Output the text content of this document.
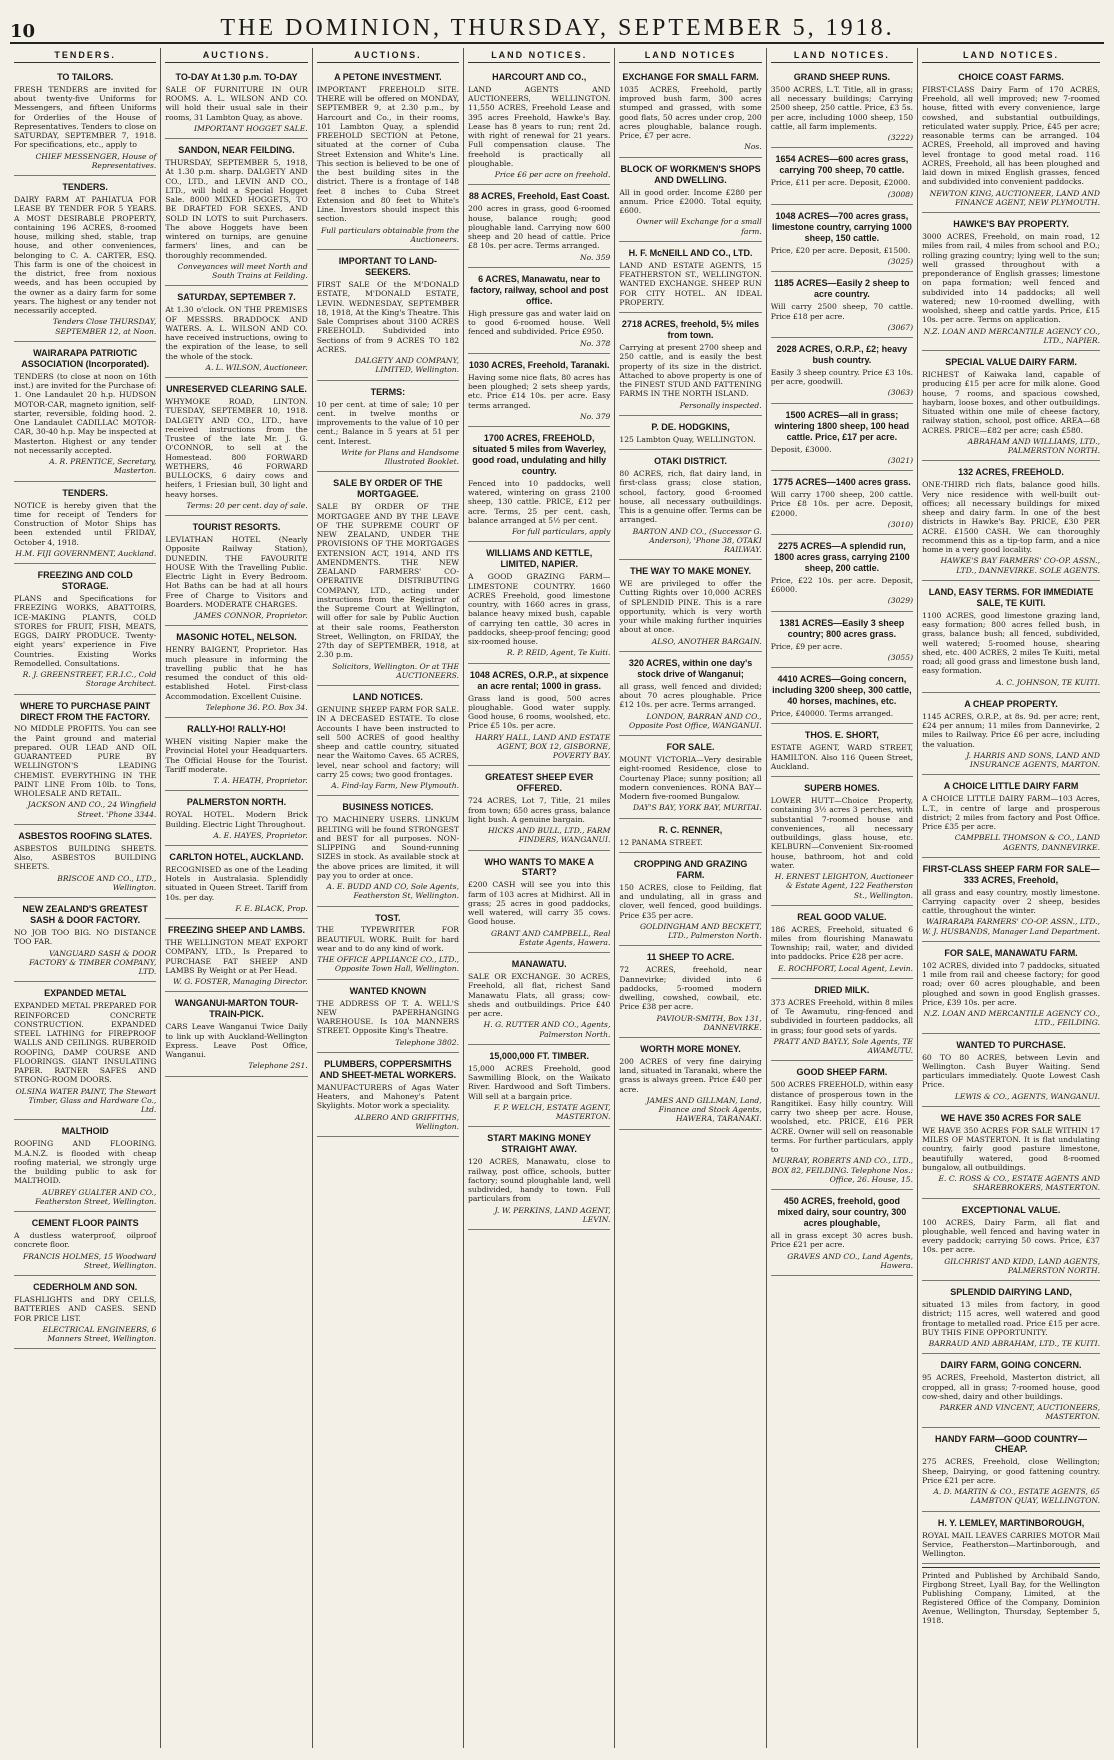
10	THE DOMINION, THURSDAY, SEPTEMBER 5, 1918.
TENDERS.
TO TAILORS.
FRESH TENDERS are invited for about twenty-five Uniforms for Messengers, and fifteen Uniforms for Orderlies of the House of Representatives. Tenders to close on SATURDAY, SEPTEMBER 7, 1918. For specifications, etc., apply to
CHIEF MESSENGER, House of Representatives.
TENDERS.
DAIRY FARM AT PAHIATUA FOR LEASE BY TENDER FOR 5 YEARS. A MOST DESIRABLE PROPERTY, containing 196 ACRES, 8-roomed house, milking shed, stable, trap house, and other conveniences, belonging to C. A. CARTER, ESQ. This farm is one of the choicest in the district, free from noxious weeds, and has been occupied by the owner as a dairy farm for some years. The highest or any tender not necessarily accepted.
Tenders Close THURSDAY, SEPTEMBER 12, at Noon.
WAIRARAPA PATRIOTIC ASSOCIATION (Incorporated).
TENDERS (to close at noon on 16th inst.) are invited for the Purchase of: 1. One Landaulet 20 h.p. HUDSON MOTOR-CAR, magneto ignition, self-starter, reversible, folding hood. 2. One Landaulet CADILLAC MOTOR-CAR, 30-40 h.p. May be inspected at Masterton. Highest or any tender not necessarily accepted.
A. R. PRENTICE, Secretary, Masterton.
TENDERS.
NOTICE is hereby given that the time for receipt of Tenders for Construction of Motor Ships has been extended until FRIDAY, October 4, 1918.
H.M. FIJI GOVERNMENT, Auckland.
FREEZING AND COLD STORAGE.
PLANS and Specifications for FREEZING WORKS, ABATTOIRS, ICE-MAKING PLANTS, COLD STORES for FRUIT, FISH, MEATS, EGGS, DAIRY PRODUCE. Twenty-eight years' experience in Five Countries. Existing Works Remodelled. Consultations.
R. J. GREENSTREET, F.R.I.C., Cold Storage Architect.
WHERE TO PURCHASE PAINT DIRECT FROM THE FACTORY.
NO MIDDLE PROFITS. You can see the Paint ground and material prepared. OUR LEAD AND OIL GUARANTEED PURE BY WELLINGTON'S LEADING CHEMIST. EVERYTHING IN THE PAINT LINE From 10lb. to Tons, WHOLESALE AND RETAIL.
JACKSON AND CO., 24 Wingfield Street. 'Phone 3344.
ASBESTOS ROOFING SLATES.
ASBESTOS BUILDING SHEETS. Also, ASBESTOS BUILDING SHEETS.
BRISCOE AND CO., LTD., Wellington.
NEW ZEALAND'S GREATEST SASH & DOOR FACTORY.
NO JOB TOO BIG. NO DISTANCE TOO FAR.
VANGUARD SASH & DOOR FACTORY & TIMBER COMPANY, LTD.
EXPANDED METAL
EXPANDED METAL PREPARED FOR REINFORCED CONCRETE CONSTRUCTION. EXPANDED STEEL LATHING for FIREPROOF WALLS AND CEILINGS. RUBEROID ROOFING, DAMP COURSE AND FLOORINGS. GIANT INSULATING PAPER. RATNER SAFES AND STRONG-ROOM DOORS.
OLSINA WATER PAINT, The Stewart Timber, Glass and Hardware Co., Ltd.
MALTHOID
ROOFING AND FLOORING. M.A.N.Z. is flooded with cheap roofing material, we strongly urge the building public to ask for MALTHOID.
AUBREY GUALTER AND CO., Featherston Street, Wellington.
CEMENT FLOOR PAINTS
A dustless waterproof, oilproof concrete floor.
FRANCIS HOLMES, 15 Woodward Street, Wellington.
CEDERHOLM AND SON.
FLASHLIGHTS and DRY CELLS, BATTERIES AND CASES. SEND FOR PRICE LIST.
ELECTRICAL ENGINEERS, 6 Manners Street, Wellington.
AUCTIONS.
TO-DAY At 1.30 p.m. TO-DAY
SALE OF FURNITURE IN OUR ROOMS. A. L. WILSON AND CO. will hold their usual sale in their rooms, 31 Lambton Quay, as above.
IMPORTANT HOGGET SALE.
SANDON, NEAR FEILDING.
THURSDAY, SEPTEMBER 5, 1918, At 1.30 p.m. sharp. DALGETY AND CO., LTD., and LEVIN AND CO., LTD., will hold a Special Hogget Sale. 8000 MIXED HOGGETS, TO BE DRAFTED FOR SEXES, AND SOLD IN LOTS to suit Purchasers. The above Hoggets have been wintered on turnips, are genuine farmers' lines, and can be thoroughly recommended.
Conveyances will meet North and South Trains at Feilding.
SATURDAY, SEPTEMBER 7.
At 1.30 o'clock. ON THE PREMISES OF MESSRS. BRADDOCK AND WATERS. A. L. WILSON AND CO. have received instructions, owing to the expiration of the lease, to sell the whole of the stock.
A. L. WILSON, Auctioneer.
UNRESERVED CLEARING SALE.
WHYMOKE ROAD, LINTON. TUESDAY, SEPTEMBER 10, 1918. DALGETY AND CO., LTD., have received instructions from the Trustee of the late Mr. J. G. O'CONNOR, to sell at the Homestead. 800 FORWARD WETHERS, 46 FORWARD BULLOCKS, 6 dairy cows and heifers, 1 Friesian bull, 30 light and heavy horses.
Terms: 20 per cent. day of sale.
TOURIST RESORTS.
LEVIATHAN HOTEL (Nearly Opposite Railway Station), DUNEDIN. THE FAVOURITE HOUSE With the Travelling Public. Electric Light in Every Bedroom. Hot Baths can be had at all hours Free of Charge to Visitors and Boarders. MODERATE CHARGES.
JAMES CONNOR, Proprietor.
MASONIC HOTEL, NELSON.
HENRY BAIGENT, Proprietor. Has much pleasure in informing the travelling public that he has resumed the conduct of this old-established Hotel. First-class Accommodation. Excellent Cuisine.
Telephone 36. P.O. Box 34.
RALLY-HO! RALLY-HO!
WHEN visiting Napier make the Provincial Hotel your Headquarters. The Official House for the Tourist. Tariff moderate.
T. A. HEATH, Proprietor.
PALMERSTON NORTH.
ROYAL HOTEL. Modern Brick Building. Electric Light Throughout.
A. E. HAYES, Proprietor.
CARLTON HOTEL, AUCKLAND.
RECOGNISED as one of the Leading Hotels in Australasia. Splendidly situated in Queen Street. Tariff from 10s. per day.
F. E. BLACK, Prop.
FREEZING SHEEP AND LAMBS.
THE WELLINGTON MEAT EXPORT COMPANY, LTD., Is Prepared to PURCHASE FAT SHEEP AND LAMBS By Weight or at Per Head.
W. G. FOSTER, Managing Director.
WANGANUI-MARTON TOUR-TRAIN-PICK.
CARS Leave Wanganui Twice Daily to link up with Auckland-Wellington Express. Leave Post Office, Wanganui.
Telephone 2S1.
AUCTIONS.
A PETONE INVESTMENT.
IMPORTANT FREEHOLD SITE. THERE will be offered on MONDAY, SEPTEMBER 9, at 2.30 p.m., by Harcourt and Co., in their rooms, 101 Lambton Quay, a splendid FREEHOLD SECTION at Petone, situated at the corner of Cuba Street Extension and White's Line. This section is believed to be one of the best building sites in the district. There is a frontage of 148 feet 8 inches to Cuba Street Extension and 80 feet to White's Line. Investors should inspect this section.
Full particulars obtainable from the Auctioneers.
IMPORTANT TO LAND-SEEKERS.
FIRST SALE Of the M'DONALD ESTATE, M'DONALD ESTATE, LEVIN. WEDNESDAY, SEPTEMBER 18, 1918, At the King's Theatre. This Sale Comprises about 3100 ACRES FREEHOLD. Subdivided into Sections of from 9 ACRES TO 182 ACRES.
DALGETY AND COMPANY, LIMITED, Wellington.
TERMS:
10 per cent. at time of sale; 10 per cent. in twelve months or improvements to the value of 10 per cent.; Balance in 5 years at 51 per cent. Interest.
Write for Plans and Handsome Illustrated Booklet.
SALE BY ORDER OF THE MORTGAGEE.
SALE BY ORDER OF THE MORTGAGEE AND BY THE LEAVE OF THE SUPREME COURT OF NEW ZEALAND, UNDER THE PROVISIONS OF THE MORTGAGES EXTENSION ACT, 1914, AND ITS AMENDMENTS. THE NEW ZEALAND FARMERS' CO-OPERATIVE DISTRIBUTING COMPANY, LTD., acting under instructions from the Registrar of the Supreme Court at Wellington, will offer for sale by Public Auction at their sale rooms, Featherston Street, Wellington, on FRIDAY, the 27th day of SEPTEMBER, 1918, at 2.30 p.m.
Solicitors, Wellington. Or at THE AUCTIONEERS.
LAND NOTICES.
GENUINE SHEEP FARM FOR SALE. IN A DECEASED ESTATE. To close Accounts I have been instructed to sell 500 ACRES of good healthy sheep and cattle country, situated near the Waitomo Caves. 65 ACRES, level, near school and factory; will carry 25 cows; two good frontages.
A. Find-lay Farm, New Plymouth.
BUSINESS NOTICES.
TO MACHINERY USERS. LINKUM BELTING will be found STRONGEST and BEST for all purposes. NON-SLIPPING and Sound-running SIZES in stock. As available stock at the above prices are limited, it will pay you to order at once.
A. E. BUDD AND CO, Sole Agents, Featherston St, Wellington.
TOST.
THE TYPEWRITER FOR BEAUTIFUL WORK. Built for hard wear and to do any kind of work.
THE OFFICE APPLIANCE CO., LTD., Opposite Town Hall, Wellington.
WANTED KNOWN
THE ADDRESS OF T. A. WELL'S NEW PAPERHANGING WAREHOUSE. Is 10A MANNERS STREET. Opposite King's Theatre.
Telephone 3802.
PLUMBERS, COPPERSMITHS AND SHEET-METAL WORKERS.
MANUFACTURERS of Agas Water Heaters, and Mahoney's Patent Skylights. Motor work a speciality.
ALBERO AND GRIFFITHS, Wellington.
LAND NOTICES.
HARCOURT AND CO.,
LAND AGENTS AND AUCTIONEERS, WELLINGTON. 11,550 ACRES, Freehold Lease and 395 acres Freehold, Hawke's Bay. Lease has 8 years to run; rent 2d. with right of renewal for 21 years. Full compensation clause. The freehold is practically all ploughable.
Price £6 per acre on freehold.
88 ACRES, Freehold, East Coast.
200 acres in grass, good 6-roomed house, balance rough; good ploughable land. Carrying now 600 sheep and 20 head of cattle. Price £8 10s. per acre. Terms arranged.
No. 359
6 ACRES, Manawatu, near to factory, railway, school and post office.
High pressure gas and water laid on to good 6-roomed house. Well fenced and subdivided. Price £950.
No. 378
1030 ACRES, Freehold, Taranaki.
Having some nice flats, 80 acres has been ploughed; 2 sets sheep yards, etc. Price £14 10s. per acre. Easy terms arranged.
No. 379
1700 ACRES, FREEHOLD, situated 5 miles from Waverley, good road, undulating and hilly country.
Fenced into 10 paddocks, well watered, wintering on grass 2100 sheep, 130 cattle. PRICE, £12 per acre. Terms, 25 per cent. cash, balance arranged at 5½ per cent.
For full particulars, apply
WILLIAMS AND KETTLE, LIMITED, NAPIER.
A GOOD GRAZING FARM—LIMESTONE COUNTRY. 1660 ACRES Freehold, good limestone country, with 1660 acres in grass, balance heavy mixed bush, capable of carrying ten cattle, 30 acres in paddocks, sheep-proof fencing; good six-roomed house.
R. P. REID, Agent, Te Kuiti.
1048 ACRES, O.R.P., at sixpence an acre rental; 1000 in grass.
Grass land is good, 500 acres ploughable. Good water supply. Good house, 6 rooms, woolshed, etc. Price £5 10s. per acre.
HARRY HALL, LAND AND ESTATE AGENT, BOX 12, GISBORNE, POVERTY BAY.
GREATEST SHEEP EVER OFFERED.
724 ACRES, Lot 7, Title, 21 miles from town; 650 acres grass, balance light bush. A genuine bargain.
HICKS AND BULL, LTD., FARM FINDERS, WANGANUI.
WHO WANTS TO MAKE A START?
£200 CASH will see you into this farm of 103 acres at Midhirst. All in grass; 25 acres in good paddocks, well watered, will carry 35 cows. Good house.
GRANT AND CAMPBELL, Real Estate Agents, Hawera.
MANAWATU.
SALE OR EXCHANGE. 30 ACRES, Freehold, all flat, richest Sand Manawatu Flats, all grass; cow-sheds and outbuildings. Price £40 per acre.
H. G. RUTTER AND CO., Agents, Palmerston North.
15,000,000 FT. TIMBER.
15,000 ACRES Freehold, good Sawmilling Block, on the Waikato River. Hardwood and Soft Timbers. Will sell at a bargain price.
F. P. WELCH, ESTATE AGENT, MASTERTON.
START MAKING MONEY STRAIGHT AWAY.
120 ACRES, Manawatu, close to railway, post office, schools, butter factory; sound ploughable land, well subdivided, handy to town. Full particulars from
J. W. PERKINS, LAND AGENT, LEVIN.
LAND NOTICES
EXCHANGE FOR SMALL FARM.
1035 ACRES, Freehold, partly improved bush farm, 300 acres stumped and grassed, with some good flats, 50 acres under crop, 200 acres ploughable, balance rough. Price, £7 per acre.
Nos.
BLOCK OF WORKMEN'S SHOPS AND DWELLING.
All in good order. Income £280 per annum. Price £2000. Total equity, £600.
Owner will Exchange for a small farm.
H. F. McNEILL AND CO., LTD.
LAND AND ESTATE AGENTS, 15 FEATHERSTON ST., WELLINGTON. WANTED EXCHANGE. SHEEP RUN FOR CITY HOTEL. AN IDEAL PROPERTY.
2718 ACRES, freehold, 5½ miles from town.
Carrying at present 2700 sheep and 250 cattle, and is easily the best property of its size in the district. Attached to above property is one of the FINEST STUD AND FATTENING FARMS IN THE NORTH ISLAND.
Personally inspected.
P. DE. HODGKINS,
125 Lambton Quay, WELLINGTON.
OTAKI DISTRICT.
80 ACRES, rich, flat dairy land, in first-class grass; close station, school, factory, good 6-roomed house, all necessary outbuildings. This is a genuine offer. Terms can be arranged.
BARTON AND CO., (Successor G. Anderson), 'Phone 38, OTAKI RAILWAY.
THE WAY TO MAKE MONEY.
WE are privileged to offer the Cutting Rights over 10,000 ACRES of SPLENDID PINE. This is a rare opportunity, which is very worth your while making further inquiries about at once.
ALSO, ANOTHER BARGAIN.
320 ACRES, within one day's stock drive of Wanganui;
all grass, well fenced and divided; about 70 acres ploughable. Price £12 10s. per acre. Terms arranged.
LONDON, BARRAN AND CO., Opposite Post Office, WANGANUI.
FOR SALE.
MOUNT VICTORIA—Very desirable eight-roomed Residence, close to Courtenay Place; sunny position; all modern conveniences. RONA BAY—Modern five-roomed Bungalow.
DAY'S BAY, YORK BAY, MURITAI.
R. C. RENNER,
12 PANAMA STREET.
CROPPING AND GRAZING FARM.
150 ACRES, close to Feilding, flat and undulating, all in grass and clover, well fenced, good buildings. Price £35 per acre.
GOLDINGHAM AND BECKETT, LTD., Palmerston North.
11 SHEEP TO ACRE.
72 ACRES, freehold, near Dannevirke; divided into 6 paddocks, 5-roomed modern dwelling, cowshed, cowbail, etc. Price £38 per acre.
PAVIOUR-SMITH, Box 131, DANNEVIRKE.
WORTH MORE MONEY.
200 ACRES of very fine dairying land, situated in Taranaki, where the grass is always green. Price £40 per acre.
JAMES AND GILLMAN, Land, Finance and Stock Agents, HAWERA, TARANAKI.
LAND NOTICES.
GRAND SHEEP RUNS.
3500 ACRES, L.T. Title, all in grass; all necessary buildings; Carrying 2500 sheep, 250 cattle. Price, £3 5s. per acre, including 1000 sheep, 150 cattle, all farm implements.
(3222)
1654 ACRES—600 acres grass, carrying 700 sheep, 70 cattle.
Price, £11 per acre. Deposit, £2000.
(3008)
1048 ACRES—700 acres grass, limestone country, carrying 1000 sheep, 150 cattle.
Price, £20 per acre. Deposit, £1500.
(3025)
1185 ACRES—Easily 2 sheep to acre country.
Will carry 2500 sheep, 70 cattle. Price £18 per acre.
(3067)
2028 ACRES, O.R.P., £2; heavy bush country.
Easily 3 sheep country. Price £3 10s. per acre, goodwill.
(3063)
1500 ACRES—all in grass; wintering 1800 sheep, 100 head cattle. Price, £17 per acre.
Deposit, £3000.
(3021)
1775 ACRES—1400 acres grass.
Will carry 1700 sheep, 200 cattle. Price £8 10s. per acre. Deposit, £2000.
(3010)
2275 ACRES—A splendid run, 1800 acres grass, carrying 2100 sheep, 200 cattle.
Price, £22 10s. per acre. Deposit, £6000.
(3029)
1381 ACRES—Easily 3 sheep country; 800 acres grass.
Price, £9 per acre.
(3055)
4410 ACRES—Going concern, including 3200 sheep, 300 cattle, 40 horses, machines, etc.
Price, £40000. Terms arranged.
THOS. E. SHORT,
ESTATE AGENT, WARD STREET, HAMILTON. Also 116 Queen Street, Auckland.
SUPERB HOMES.
LOWER HUTT—Choice Property, containing 3½ acres 3 perches, with substantial 7-roomed house and conveniences, all necessary outbuildings, glass house, etc. KELBURN—Convenient Six-roomed house, bathroom, hot and cold water.
H. ERNEST LEIGHTON, Auctioneer & Estate Agent, 122 Featherston St., Wellington.
REAL GOOD VALUE.
186 ACRES, Freehold, situated 6 miles from flourishing Manawatu Township; rail, water, and divided into paddocks. Price £28 per acre.
E. ROCHFORT, Local Agent, Levin.
DRIED MILK.
373 ACRES Freehold, within 8 miles of Te Awamutu, ring-fenced and subdivided in fourteen paddocks, all in grass; four good sets of yards.
PRATT AND BAYLY, Sole Agents, TE AWAMUTU.
GOOD SHEEP FARM.
500 ACRES FREEHOLD, within easy distance of prosperous town in the Rangitikei. Easy hilly country. Will carry two sheep per acre. House, woolshed, etc. PRICE, £16 PER ACRE. Owner will sell on reasonable terms. For further particulars, apply to
MURRAY, ROBERTS AND CO., LTD., BOX 82, FEILDING. Telephone Nos.: Office, 26. House, 15.
450 ACRES, freehold, good mixed dairy, sour country, 300 acres ploughable,
all in grass except 30 acres bush. Price £21 per acre.
GRAVES AND CO., Land Agents, Hawera.
LAND NOTICES.
CHOICE COAST FARMS.
FIRST-CLASS Dairy Farm of 170 ACRES, Freehold, all well improved; new 7-roomed house, fitted with every convenience, large cowshed, and substantial outbuildings, reticulated water supply. Price, £45 per acre; reasonable terms can be arranged. 104 ACRES, Freehold, all improved and having level frontage to good metal road. 116 ACRES, Freehold, all has been ploughed and laid down in mixed English grasses, fenced and subdivided into convenient paddocks.
NEWTON KING, AUCTIONEER, LAND AND FINANCE AGENT, NEW PLYMOUTH.
HAWKE'S BAY PROPERTY.
3000 ACRES, Freehold, on main road, 12 miles from rail, 4 miles from school and P.O.; rolling grazing country; lying well to the sun; well grassed throughout with a preponderance of English grasses; limestone on papa formation; well fenced and subdivided into 14 paddocks; all well watered; new 10-roomed dwelling, with woolshed, sheep and cattle yards. Price, £15 10s. per acre. Terms on application.
N.Z. LOAN AND MERCANTILE AGENCY CO., LTD., NAPIER.
SPECIAL VALUE DAIRY FARM.
RICHEST of Kaiwaka land, capable of producing £15 per acre for milk alone. Good house, 7 rooms, and spacious cowshed, haybarn, loose boxes, and other outbuildings. Situated within one mile of cheese factory, railway station, school, post office. AREA—68 ACRES. PRICE—£82 per acre; cash £580.
ABRAHAM AND WILLIAMS, LTD., PALMERSTON NORTH.
132 ACRES, FREEHOLD.
ONE-THIRD rich flats, balance good hills. Very nice residence with well-built out-offices; all necessary buildings for mixed sheep and dairy farm. In one of the best districts in Hawke's Bay. PRICE, £30 PER ACRE. £1500 CASH. We can thoroughly recommend this as a tip-top farm, and a nice home in a very good locality.
HAWKE'S BAY FARMERS' CO-OP. ASSN., LTD., DANNEVIRKE. SOLE AGENTS.
LAND, EASY TERMS. FOR IMMEDIATE SALE, TE KUITI.
1100 ACRES, good limestone grazing land, easy formation; 800 acres felled bush, in grass, balance bush; all fenced, subdivided, well watered; 5-roomed house, shearing shed, etc. 400 ACRES, 2 miles Te Kuiti, metal road; all good grass and limestone bush land, easy formation.
A. C. JOHNSON, TE KUITI.
A CHEAP PROPERTY.
1145 ACRES, O.R.P., at 8s. 9d. per acre; rent, £24 per annum; 11 miles from Dannevirke, 2 miles to Railway. Price £6 per acre, including the valuation.
J. HARRIS AND SONS, LAND AND INSURANCE AGENTS, MARTON.
A CHOICE LITTLE DAIRY FARM
A CHOICE LITTLE DAIRY FARM—103 Acres, L.T., in centre of large and prosperous district; 2 miles from factory and Post Office. Price £35 per acre.
CAMPBELL THOMSON & CO., LAND AGENTS, DANNEVIRKE.
FIRST-CLASS SHEEP FARM FOR SALE—333 ACRES, Freehold,
all grass and easy country, mostly limestone. Carrying capacity over 2 sheep, besides cattle, throughout the winter.
WAIRARAPA FARMERS' CO-OP. ASSN., LTD., W. J. HUSBANDS, Manager Land Department.
FOR SALE, MANAWATU FARM.
102 ACRES, divided into 7 paddocks, situated 1 mile from rail and cheese factory; for good road; over 60 acres ploughable, and been ploughed and sown in good English grasses. Price, £39 10s. per acre.
N.Z. LOAN AND MERCANTILE AGENCY CO., LTD., FEILDING.
WANTED TO PURCHASE.
60 TO 80 ACRES, between Levin and Wellington. Cash Buyer Waiting. Send particulars immediately. Quote Lowest Cash Price.
LEWIS & CO., AGENTS, WANGANUI.
WE HAVE 350 ACRES FOR SALE
WE HAVE 350 ACRES FOR SALE WITHIN 17 MILES OF MASTERTON. It is flat undulating country, fairly good pasture limestone, beautifully watered, good 8-roomed bungalow, all outbuildings.
E. C. ROSS & CO., ESTATE AGENTS AND SHAREBROKERS, MASTERTON.
EXCEPTIONAL VALUE.
100 ACRES, Dairy Farm, all flat and ploughable, well fenced and having water in every paddock; carrying 50 cows. Price, £37 10s. per acre.
GILCHRIST AND KIDD, LAND AGENTS, PALMERSTON NORTH.
SPLENDID DAIRYING LAND,
situated 13 miles from factory, in good district; 115 acres, well watered and good frontage to metalled road. Price £15 per acre. BUY THIS FINE OPPORTUNITY.
BARRAUD AND ABRAHAM, LTD., TE KUITI.
DAIRY FARM, GOING CONCERN.
95 ACRES, Freehold, Masterton district, all cropped, all in grass; 7-roomed house, good cow-shed, dairy and other buildings.
PARKER AND VINCENT, AUCTIONEERS, MASTERTON.
HANDY FARM—GOOD COUNTRY—CHEAP.
275 ACRES, Freehold, close Wellington; Sheep, Dairying, or good fattening country. Price £21 per acre.
A. D. MARTIN & CO., ESTATE AGENTS, 65 LAMBTON QUAY, WELLINGTON.
H. Y. LEMLEY, MARTINBOROUGH,
ROYAL MAIL LEAVES CARRIES MOTOR Mail Service, Featherston—Martinborough, and Wellington.
Printed and Published by Archibald Sando, Firgbong Street, Lyall Bay, for the Wellington Publishing Company, Limited, at the Registered Office of the Company, Dominion Avenue, Wellington, Thursday, September 5, 1918.
